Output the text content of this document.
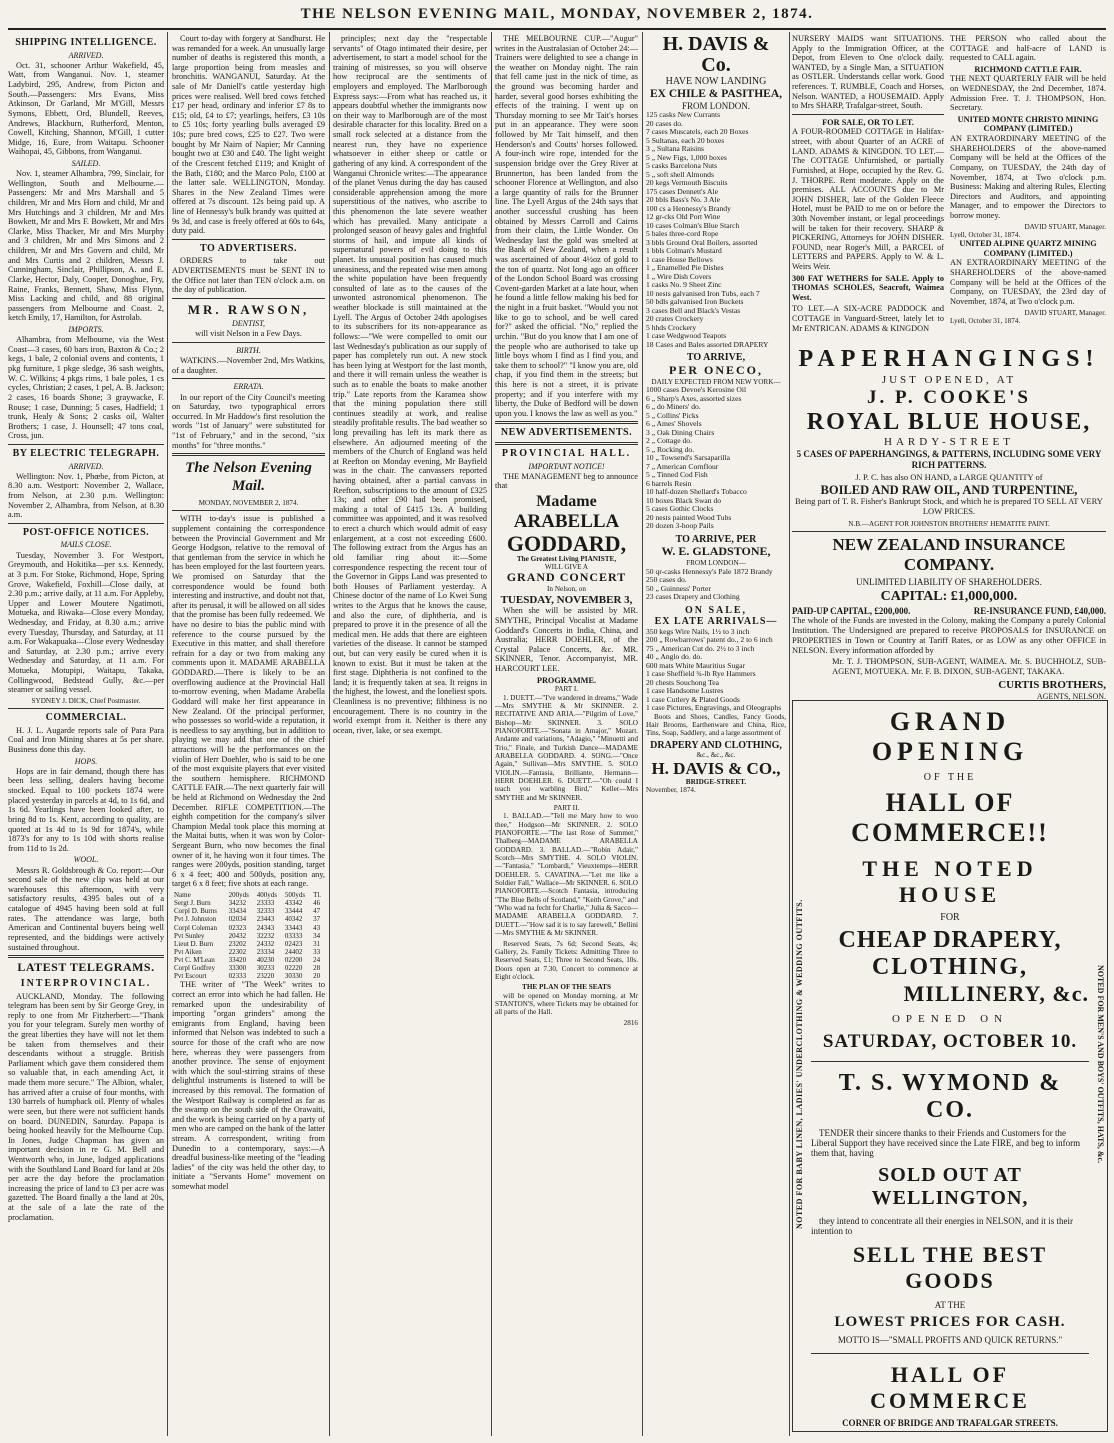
THE NELSON EVENING MAIL, MONDAY, NOVEMBER 2, 1874.
SHIPPING INTELLIGENCE.
ARRIVED.

Oct. 31, schooner Arthur Wakefield, 45, Watt, from Wanganui. Nov. 1, steamer Ladybird, 295, Andrew, from Picton and South.—Passengers: Mrs Evans, Miss Atkinson, Dr Garland, Mr M'Gill, Messrs Symons, Ebbett, Ord, Blundell, Reeves, Andrews, Blackburn, Rutherford, Menton, Cowell, Kitching, Shannon, M'Gill, 1 cutter Midge, 16, Eure, from Waitapu. Schooner Waihopai, 45, Gibbons, from Wanganui.

SAILED.

Nov. 1, steamer Alhambra, 799, Sinclair, for Wellington, South and Melbourne.—Passengers: Mr and Mrs Marshall and 5 children, Mr and Mrs Horn and child, Mr and Mrs Hutchings and 3 children, Mr and Mrs Bowkett, Mr and Mrs F. Bowkett, Mr and Mrs Clarke, Miss Thacker, Mr and Mrs Murphy and 3 children, Mr and Mrs Simons and 2 children, Mr and Mrs Govern and child, Mr and Mrs Curtis and 2 children, Messrs J. Cunningham, Sinclair, Phillipson, A. and E. Clarke, Hector, Daly, Cooper, Donoghue, Fry, Raine, Franks, Bennett, Shaw, Miss Flynn, Miss Lacking and child, and 88 original passengers from Melbourne and Coast. 2, ketch Emily, 17, Hamilton, for Astrolab.

IMPORTS.

Alhambra, from Melbourne, via the West Coast—3 cases, 60 bars iron, Baxton & Co.; 2 kegs, 1 bale, 2 colonial ovens and contents, 1 pkg furniture, 1 pkge sledge, 36 sash weights, W. C. Wilkins; 4 pkgs rims, 1 bale poles, 1 cs cycles, Christian; 2 cases, 1 pel, A. B. Jackson; 2 cases, 16 boards Shone; 3 graywacke, F. Rouse; 1 case, Dunning; 5 cases, Hadfield; 1 trunk, Healy & Sons; 2 casks oil, Walter Brothers; 1 case, J. Hounsell; 47 tons coal, Cross, jun.

BY ELECTRIC TELEGRAPH.
ARRIVED.

Wellington: Nov. 1, Phœbe, from Picton, at 8.30 a.m. Westport: November 2, Wallace, from Nelson, at 2.30 p.m. Wellington: November 2, Alhambra, from Nelson, at 8.30 a.m.

POST-OFFICE NOTICES.
MAILS CLOSE.

Tuesday, November 3. For Westport, Greymouth, and Hokitika—per s.s. Kennedy, at 3 p.m. For Stoke, Richmond, Hope, Spring Grove, Wakefield, Foxhill—Close daily, at 2.30 p.m.; arrive daily, at 11 a.m. For Appleby, Upper and Lower Moutere Ngatimoti, Motueka, and Riwaka—Close every Monday, Wednesday, and Friday, at 8.30 a.m.; arrive every Tuesday, Thursday, and Saturday, at 11 a.m. For Wakapuaka—Close every Wednesday and Saturday, at 2.30 p.m.; arrive every Wednesday and Saturday, at 11 a.m. For Motueka, Motupipi, Waitapu, Takaka, Collingwood, Bedstead Gully, &c.—per steamer or sailing vessel.

SYDNEY J. DICK, Chief Postmaster.
COMMERCIAL.

H. J. L. Augarde reports sale of Para Para Coal and Iron Mining shares at 5s per share. Business done this day.

HOPS.

Hops are in fair demand, though there has been less selling, dealers having become stocked. Equal to 100 pockets 1874 were placed yesterday in parcels at 4d, to 1s 6d, and 1s 6d. Yearlings have been looked after, to bring 8d to 1s. Kent, according to quality, are quoted at 1s 4d to 1s 9d for 1874's, while 1873's for any to 1s 10d with shorts realise from 11d to 1s 2d.

WOOL.

Messrs R. Goldsbrough & Co. report:—Our second sale of the new clip was held at our warehouses this afternoon, with very satisfactory results, 4395 bales out of a catalogue of 4945 having been sold at full rates. The attendance was large, both American and Continental buyers being well represented, and the biddings were actively sustained throughout.

LATEST TELEGRAMS.
INTERPROVINCIAL.

AUCKLAND, Monday. The following telegram has been sent by Sir George Grey, in reply to one from Mr Fitzherbert:—"Thank you for your telegram. Surely men worthy of the great liberties they have will not let them be taken from themselves and their descendants without a struggle. British Parliament which gave them considered them so valuable that, in each amending Act, it made them more secure." The Albion, whaler, has arrived after a cruise of four months, with 130 barrels of humpback oil. Plenty of whales were seen, but there were not sufficient hands on board. DUNEDIN, Saturday. Papapa is being hooked heavily for the Melbourne Cup. In Jones, Judge Chapman has given an important decision in re G. M. Bell and Wentworth who, in June, lodged applications with the Southland Land Board for land at 20s per acre the day before the proclamation increasing the price of land to £3 per acre was gazetted. The Board finally a the land at 20s, at the sale of a late the rate of the proclamation.

Court to-day with forgery at Sandhurst. He was remanded for a week. An unusually large number of deaths is registered this month, a large proportion being from measles and bronchitis. WANGANUI, Saturday. At the sale of Mr Daniell's cattle yesterday high prices were realised. Well bred cows fetched £17 per head, ordinary and inferior £7 8s to £15; old, £4 to £7; yearlings, heifers, £3 10s to £5 10s; forty yearling bulls averaged £9 10s; pure bred cows, £25 to £27. Two were bought by Mr Nairn of Napier; Mr Canning bought two at £30 and £40. The light weight of the Crescent fetched £119; and Knight of the Bath, £180; and the Marco Polo, £100 at the latter sale. WELLINGTON, Monday. Shares in the New Zealand Times were offered at 7s discount. 12s being paid up. A line of Hennessy's bulk brandy was quitted at 9s 3d, and case is freely offered at 60s to 64s, duty paid.

TO ADVERTISERS.

ORDERS to take out ADVERTISEMENTS must be SENT IN to the Office not later than TEN o'clock a.m. on the day of publication.

MR. RAWSON,
DENTIST,
will visit Nelson in a Few Days.
BIRTH.

WATKINS.—November 2nd, Mrs Watkins, of a daughter.

ERRATA.

In our report of the City Council's meeting on Saturday, two typographical errors occurred. In Mr Haddow's first resolution the words "1st of January" were substituted for "1st of February," and in the second, "six months" for "three months."

The Nelson Evening Mail.
MONDAY, NOVEMBER 2, 1874.

WITH to-day's issue is published a supplement containing the correspondence between the Provincial Government and Mr George Hodgson, relative to the removal of that gentleman from the service in which he has been employed for the last fourteen years. We promised on Saturday that the correspondence would be found both interesting and instructive, and doubt not that, after its perusal, it will be allowed on all sides that the promise has been fully redeemed. We have no desire to bias the public mind with reference to the course pursued by the Executive in this matter, and shall therefore refrain for a day or two from making any comments upon it. MADAME ARABELLA GODDARD.—There is likely to be an overflowing audience at the Provincial Hall to-morrow evening, when Madame Arabella Goddard will make her first appearance in New Zealand. Of the principal performer, who possesses so world-wide a reputation, it is needless to say anything, but in addition to playing we may add that one of the chief attractions will be the performances on the violin of Herr Doehler, who is said to be one of the most exquisite players that ever visited the southern hemisphere. RICHMOND CATTLE FAIR.—The next quarterly fair will be held at Richmond on Wednesday the 2nd December. RIFLE COMPETITION.—The eighth competition for the company's silver Champion Medal took place this morning at the Maitai butts, when it was won by Color-Sergeant Burn, who now becomes the final owner of it, he having won it four times. The ranges were 200yds, position standing, target 6 x 4 feet; 400 and 500yds, position any, target 6 x 8 feet; five shots at each range.

Name	200yds	400yds	500yds	Tl.
Sergt J. Burn	34232	23333	43342	46
Corpl D. Burns	33434	32333	33444	47
Pvt J. Johnston	02034	23443	40342	37
Corpl Coleman	02323	24343	33443	43
Pvt Sunley	20432	32232	03333	34
Lieut D. Burn	23202	24332	02423	31
Pvt Aiken	22302	23334	24402	33
Pvt C. M'Lean	33420	40230	02200	24
Corpl Godfrey	33300	30233	02220	28
Pvt Escourt	02333	23220	30330	20

THE writer of "The Week" writes to correct an error into which he had fallen. He remarked upon the undesirability of importing "organ grinders" among the emigrants from England, having been informed that Nelson was indebted to such a source for those of the craft who are now here, whereas they were passengers from another province. The sense of enjoyment with which the soul-stirring strains of these delightful instruments is listened to will be increased by this removal. The formation of the Westport Railway is completed as far as the swamp on the south side of the Orawaiti, and the work is being carried on by a party of men who are camped on the bank of the latter stream. A correspondent, writing from Dunedin to a contemporary, says:—A dreadful business-like meeting of the "leading ladies" of the city was held the other day, to initiate a "Servants Home" movement on somewhat model

principles; next day the "respectable servants" of Otago intimated their desire, per advertisement, to start a model school for the training of mistresses, so you will observe how reciprocal are the sentiments of employers and employed. The Marlborough Express says:—From what has reached us, it appears doubtful whether the immigrants now on their way to Marlborough are of the most desirable character for this locality. Bred on a small rock selected at a distance from the nearest run, they have no experience whatsoever in either sheep or cattle or gathering of any kind. A correspondent of the Wanganui Chronicle writes:—The appearance of the planet Venus during the day has caused considerable apprehension among the more superstitious of the natives, who ascribe to this phenomenon the late severe weather which has prevailed. Many anticipate a prolonged season of heavy gales and frightful storms of hail, and impute all kinds of supernatural powers of evil doing to this planet. Its unusual position has caused much uneasiness, and the repeated wise men among the white population have been frequently consulted of late as to the causes of the unwonted astronomical phenomenon. The weather blockade is still maintained at the Lyell. The Argus of October 24th apologises to its subscribers for its non-appearance as follows:—"We were compelled to omit our last Wednesday's publication as our supply of paper has completely run out. A new stock has been lying at Westport for the last month, and there it will remain unless the weather is such as to enable the boats to make another trip." Late reports from the Karamea show that the mining population there still continues steadily at work, and realise steadily profitable results. The bad weather so long prevailing has left its mark there as elsewhere. An adjourned meeting of the members of the Church of England was held at Reefton on Monday evening, Mr Bayfield was in the chair. The canvassers reported having obtained, after a partial canvass in Reefton, subscriptions to the amount of £325 13s; and other £90 had been promised, making a total of £415 13s. A building committee was appointed, and it was resolved to erect a church which would admit of easy enlargement, at a cost not exceeding £600. The following extract from the Argus has an old familiar ring about it:—Some correspondence respecting the recent tour of the Governor in Gipps Land was presented to both Houses of Parliament yesterday. A Chinese doctor of the name of Lo Kwei Sung writes to the Argus that he knows the cause, and also the cure, of diphtheria, and is prepared to prove it in the presence of all the medical men. He adds that there are eighteen varieties of the disease. It cannot be stamped out, but can very easily be cured when it is known to exist. But it must be taken at the first stage. Diphtheria is not confined to the land; it is frequently taken at sea. It reigns in the highest, the lowest, and the loneliest spots. Cleanliness is no preventive; filthiness is no encouragement. There is no country in the world exempt from it. Neither is there any ocean, river, lake, or sea exempt.

THE MELBOURNE CUP.—"Augur" writes in the Australasian of October 24:—Trainers were delighted to see a change in the weather on Monday night. The rain that fell came just in the nick of time, as the ground was becoming harder and harder, several good horses exhibiting the effects of the training. I went up on Thursday morning to see Mr Tait's horses put in an appearance. They were soon followed by Mr Tait himself, and then Henderson's and Coutts' horses followed. A four-inch wire rope, intended for the suspension bridge over the Grey River at Brunnerton, has been landed from the schooner Florence at Wellington, and also a large quantity of rails for the Brunner line. The Lyell Argus of the 24th says that another successful crushing has been obtained by Messrs Carroll and Cairns from their claim, the Little Wonder. On Wednesday last the gold was smelted at the Bank of New Zealand, when a result was ascertained of about 4½oz of gold to the ton of quartz. Not long ago an officer of the London School Board was crossing Covent-garden Market at a late hour, when he found a little fellow making his bed for the night in a fruit basket. "Would you not like to go to school, and be well cared for?" asked the official. "No," replied the urchin. "But do you know that I am one of the people who are authorised to take up little boys whom I find as I find you, and take them to school?" "I know you are, old chap, if you find them in the streets; but this here is not a street, it is private property; and if you interfere with my liberty, the Duke of Bedford will be down upon you. I knows the law as well as you."

NEW ADVERTISEMENTS.
PROVINCIAL HALL.
IMPORTANT NOTICE!

THE MANAGEMENT beg to announce that

Madame
ARABELLA
GODDARD,
The Greatest Living PIANISTE,
WILL GIVE A
GRAND CONCERT
In Nelson, on
TUESDAY, NOVEMBER 3,

When she will be assisted by MR. SMYTHE, Principal Vocalist at Madame Goddard's Concerts in India, China, and Australia; HERR DOEHLER, of the Crystal Palace Concerts, &c. MR. SKINNER, Tenor. Accompanyist, MR. HARCOURT LEE.

PROGRAMME.
PART I.

1. DUETT.—"I've wandered in dreams," Wade—Mrs SMYTHE & Mr SKINNER. 2. RECITATIVE AND ARIA.—"Pilgrim of Love," Bishop—Mr SKINNER. 3. SOLO PIANOFORTE.—"Sonata in Amajor," Mozart. Andante and variations, "Adagio," "Minuetti and Trio," Finale, and Turkish Dance—MADAME ARABELLA GODDARD. 4. SONG.—"Once Again," Sullivan—Mrs SMYTHE. 5. SOLO VIOLIN.—Fantasia, Brilliante, Hermann—HERR DOEHLER. 6. DUETT.—"Oh could I teach you warbling Bird," Keller—Mrs SMYTHE and Mr SKINNER.

PART II.

1. BALLAD.—"Tell me Mary how to woo thee," Hodgson—Mr SKINNER. 2. SOLO PIANOFORTE.—"The last Rose of Summer," Thalberg—MADAME ARABELLA GODDARD. 3. BALLAD.—"Robin Adair," Scotch—Mrs SMYTHE. 4. SOLO VIOLIN.—"Fantasia," "Lombardi," Vieuxtemps—HERR DOEHLER. 5. CAVATINA.—"Let me like a Soldier Fall," Wallace—Mr SKINNER. 6. SOLO PIANOFORTE.—Scotch Fantasia, introducing "The Blue Bells of Scotland," "Keith Grove," and "Who wad na fecht for Charlie," Julia & Sacco—MADAME ARABELLA GODDARD. 7. DUETT.—"How sad it is to say farewell," Bellini—Mrs SMYTHE & Mr SKINNER.

Reserved Seats, 7s 6d; Second Seats, 4s; Gallery, 2s. Family Tickets: Admitting Three to Reserved Seats, £1; Three to Second Seats, 10s. Doors open at 7.30, Concert to commence at Eight o'clock.

THE PLAN OF THE SEATS

will be opened on Monday morning, at Mr STANTON'S, where Tickets may be obtained for all parts of the Hall.

2816
H. DAVIS & Co.
HAVE NOW LANDING
EX CHILE & PASITHEA,
FROM LONDON.
125 casks New Currants
20 cases do.
7 cases Muscatels, each 20 Boxes
5 Sultanas, each 20 boxes
3 „ Sultana Raisins
5 „ New Figs, 1,000 boxes
5 casks Barcelona Nuts
5 „ soft shell Almonds
20 kegs Vermouth Biscuits
175 cases Dennett's Ale
20 bbls Bass's No. 3 Ale
100 cs a Hennessy's Brandy
12 gr-cks Old Port Wine
10 cases Colman's Blue Starch
5 bales three-cord Rope
3 bbls Ground Oral Boilers, assorted
1 bbls Colman's Mustard
1 case House Bellows
1 „ Enamelled Pie Dishes
1 „ Wire Dish Covers
1 casks No. 9 Sheet Zinc
10 nests galvanised Iron Tubs, each 7
50 bdls galvanised Iron Buckets
3 cases Bell and Black's Vestas
20 crates Crockery
5 hhds Crockery
1 case Wedgwood Teapots
18 Cases and Bales assorted DRAPERY
TO ARRIVE,
PER ONECO,
DAILY EXPECTED FROM NEW YORK—
1000 cases Devoe's Kerosine Oil
6 „ Sharp's Axes, assorted sizes
6 „ do Miners' do.
5 „ Collins' Picks
6 „ Ames' Shovels
3 „ Oak Dining Chairs
2 „ Cottage do.
5 „ Rocking do.
10 „ Towsend's Sarsaparilla
7 „ American Cornflour
5 „ Tinned Cod Fish
6 barrels Resin
10 half-dozen Shellard's Tobacco
10 boxes Black Swan do
5 cases Gothic Clocks
20 nests painted Wood Tubs
20 dozen 3-hoop Pails
TO ARRIVE, PER
W. E. GLADSTONE,
FROM LONDON—
50 qr-casks Hennessy's Pale 1872 Brandy
250 cases do.
50 „ Guinness' Porter
23 cases Drapery and Clothing
ON SALE,
EX LATE ARRIVALS—
350 kegs Wire Nails, 1½ to 3 inch
200 „ Rowbarrows' patent do., 2 to 6 inch
75 „ American Cut do. 2½ to 3 inch
40 „ Anglo do. do.
600 mats White Mauritius Sugar
1 case Sheffield ¾-lb Rye Hammers
20 chests Souchong Tea
1 case Handsome Lustres
1 case Cutlery & Plated Goods
1 case Pictures, Engravings, and Oleographs

Boots and Shoes, Candles, Fancy Goods, Hair Brooms, Earthenware and China, Rice, Tins, Soap, Saddlery, and a large assortment of

DRAPERY AND CLOTHING,
&c., &c., &c.
H. DAVIS & CO.,
BRIDGE-STREET.
November, 1874.

NURSERY MAIDS want SITUATIONS. Apply to the Immigration Officer, at the Depot, from Eleven to One o'clock daily. WANTED, by a Single Man, a SITUATION as OSTLER. Understands cellar work. Good references. T. RUMBLE, Coach and Horses, Nelson. WANTED, a HOUSEMAID. Apply to Mrs SHARP, Trafalgar-street, South.

FOR SALE, OR TO LET.

A FOUR-ROOMED COTTAGE in Halifax-street, with about Quarter of an ACRE of LAND. ADAMS & KINGDON. TO LET.—The COTTAGE Unfurnished, or partially Furnished, at Hope, occupied by the Rev. G. J. THORPE. Rent moderate. Apply on the premises. ALL ACCOUNTS due to Mr JOHN DISHER, late of the Golden Fleece Hotel, must be PAID to me on or before the 30th November instant, or legal proceedings will be taken for their recovery. SHARP & PICKERING, Attorneys for JOHN DISHER. FOUND, near Roger's Mill, a PARCEL of LETTERS and PAPERS. Apply to W. & L. Weirs Weir.

300 FAT WETHERS for SALE. Apply to THOMAS SCHOLES, Seacroft, Waimea West.

TO LET.—A SIX-ACRE PADDOCK and COTTAGE in Vanguard-Street, lately let to Mr ENTRICAN. ADAMS & KINGDON

THE PERSON who called about the COTTAGE and half-acre of LAND is requested to CALL again.

RICHMOND CATTLE FAIR.

THE NEXT QUARTERLY FAIR will be held on WEDNESDAY, the 2nd December, 1874. Admission Free. T. J. THOMPSON, Hon. Secretary.

UNITED MONTE CHRISTO MINING COMPANY (LIMITED.)

AN EXTRAORDINARY MEETING of the SHAREHOLDERS of the above-named Company will be held at the Offices of the Company, on TUESDAY, the 24th day of November, 1874, at Two o'clock p.m. Business: Making and altering Rules, Electing Directors and Auditors, and appointing Manager, and to empower the Directors to borrow money.

DAVID STUART, Manager.
Lyell, October 31, 1874.
UNITED ALPINE QUARTZ MINING COMPANY (LIMITED.)

AN EXTRAORDINARY MEETING of the SHAREHOLDERS of the above-named Company will be held at the Offices of the Company, on TUESDAY, the 23rd day of November, 1874, at Two o'clock p.m.

DAVID STUART, Manager.
Lyell, October 31, 1874.
PAPERHANGINGS!
JUST OPENED, AT
J. P. COOKE'S
ROYAL BLUE HOUSE,
HARDY-STREET
5 CASES OF PAPERHANGINGS, & PATTERNS, INCLUDING SOME VERY RICH PATTERNS.
J. P. C. has also ON HAND, a LARGE QUANTITY of
BOILED AND RAW OIL, AND TURPENTINE,
Being part of T. R. Fisher's Bankrupt Stock, and which he is prepared TO SELL AT VERY LOW PRICES.
N.B.—AGENT FOR JOHNSTON BROTHERS' HEMATITE PAINT.
NEW ZEALAND INSURANCE COMPANY.
UNLIMITED LIABILITY OF SHAREHOLDERS.
CAPITAL: £1,000,000.
PAID-UP CAPITAL, £200,000.	RE-INSURANCE FUND, £40,000.

The whole of the Funds are invested in the Colony, making the Company a purely Colonial Institution. The Undersigned are prepared to receive PROPOSALS for INSURANCE on PROPERTIES in Town or Country at Tariff Rates, or as LOW as any other OFFICE in NELSON. Every information afforded by

Mr. T. J. THOMPSON, SUB-AGENT, WAIMEA. Mr. S. BUCHHOLZ, SUB-AGENT, MOTUEKA. Mr. F. B. DIXON, SUB-AGENT, TAKAKA.

CURTIS BROTHERS,
AGENTS, NELSON.
NOTED FOR BABY LINEN, LADIES' UNDERCLOTHING & WEDDING OUTFITS.	NOTED FOR MEN'S AND BOYS' OUTFITS, HATS, &c.
GRAND OPENING
OF THE
HALL OF COMMERCE!!
THE NOTED HOUSE
FOR
CHEAP DRAPERY,
CLOTHING,
MILLINERY, &c.
OPENED ON
SATURDAY, OCTOBER 10.
T. S. WYMOND & CO.

TENDER their sincere thanks to their Friends and Customers for the Liberal Support they have received since the Late FIRE, and beg to inform them that, having

SOLD OUT AT WELLINGTON,

they intend to concentrate all their energies in NELSON, and it is their intention to

SELL THE BEST GOODS
AT THE
LOWEST PRICES FOR CASH.
MOTTO IS—"SMALL PROFITS AND QUICK RETURNS."
HALL OF COMMERCE
CORNER OF BRIDGE AND TRAFALGAR STREETS.
